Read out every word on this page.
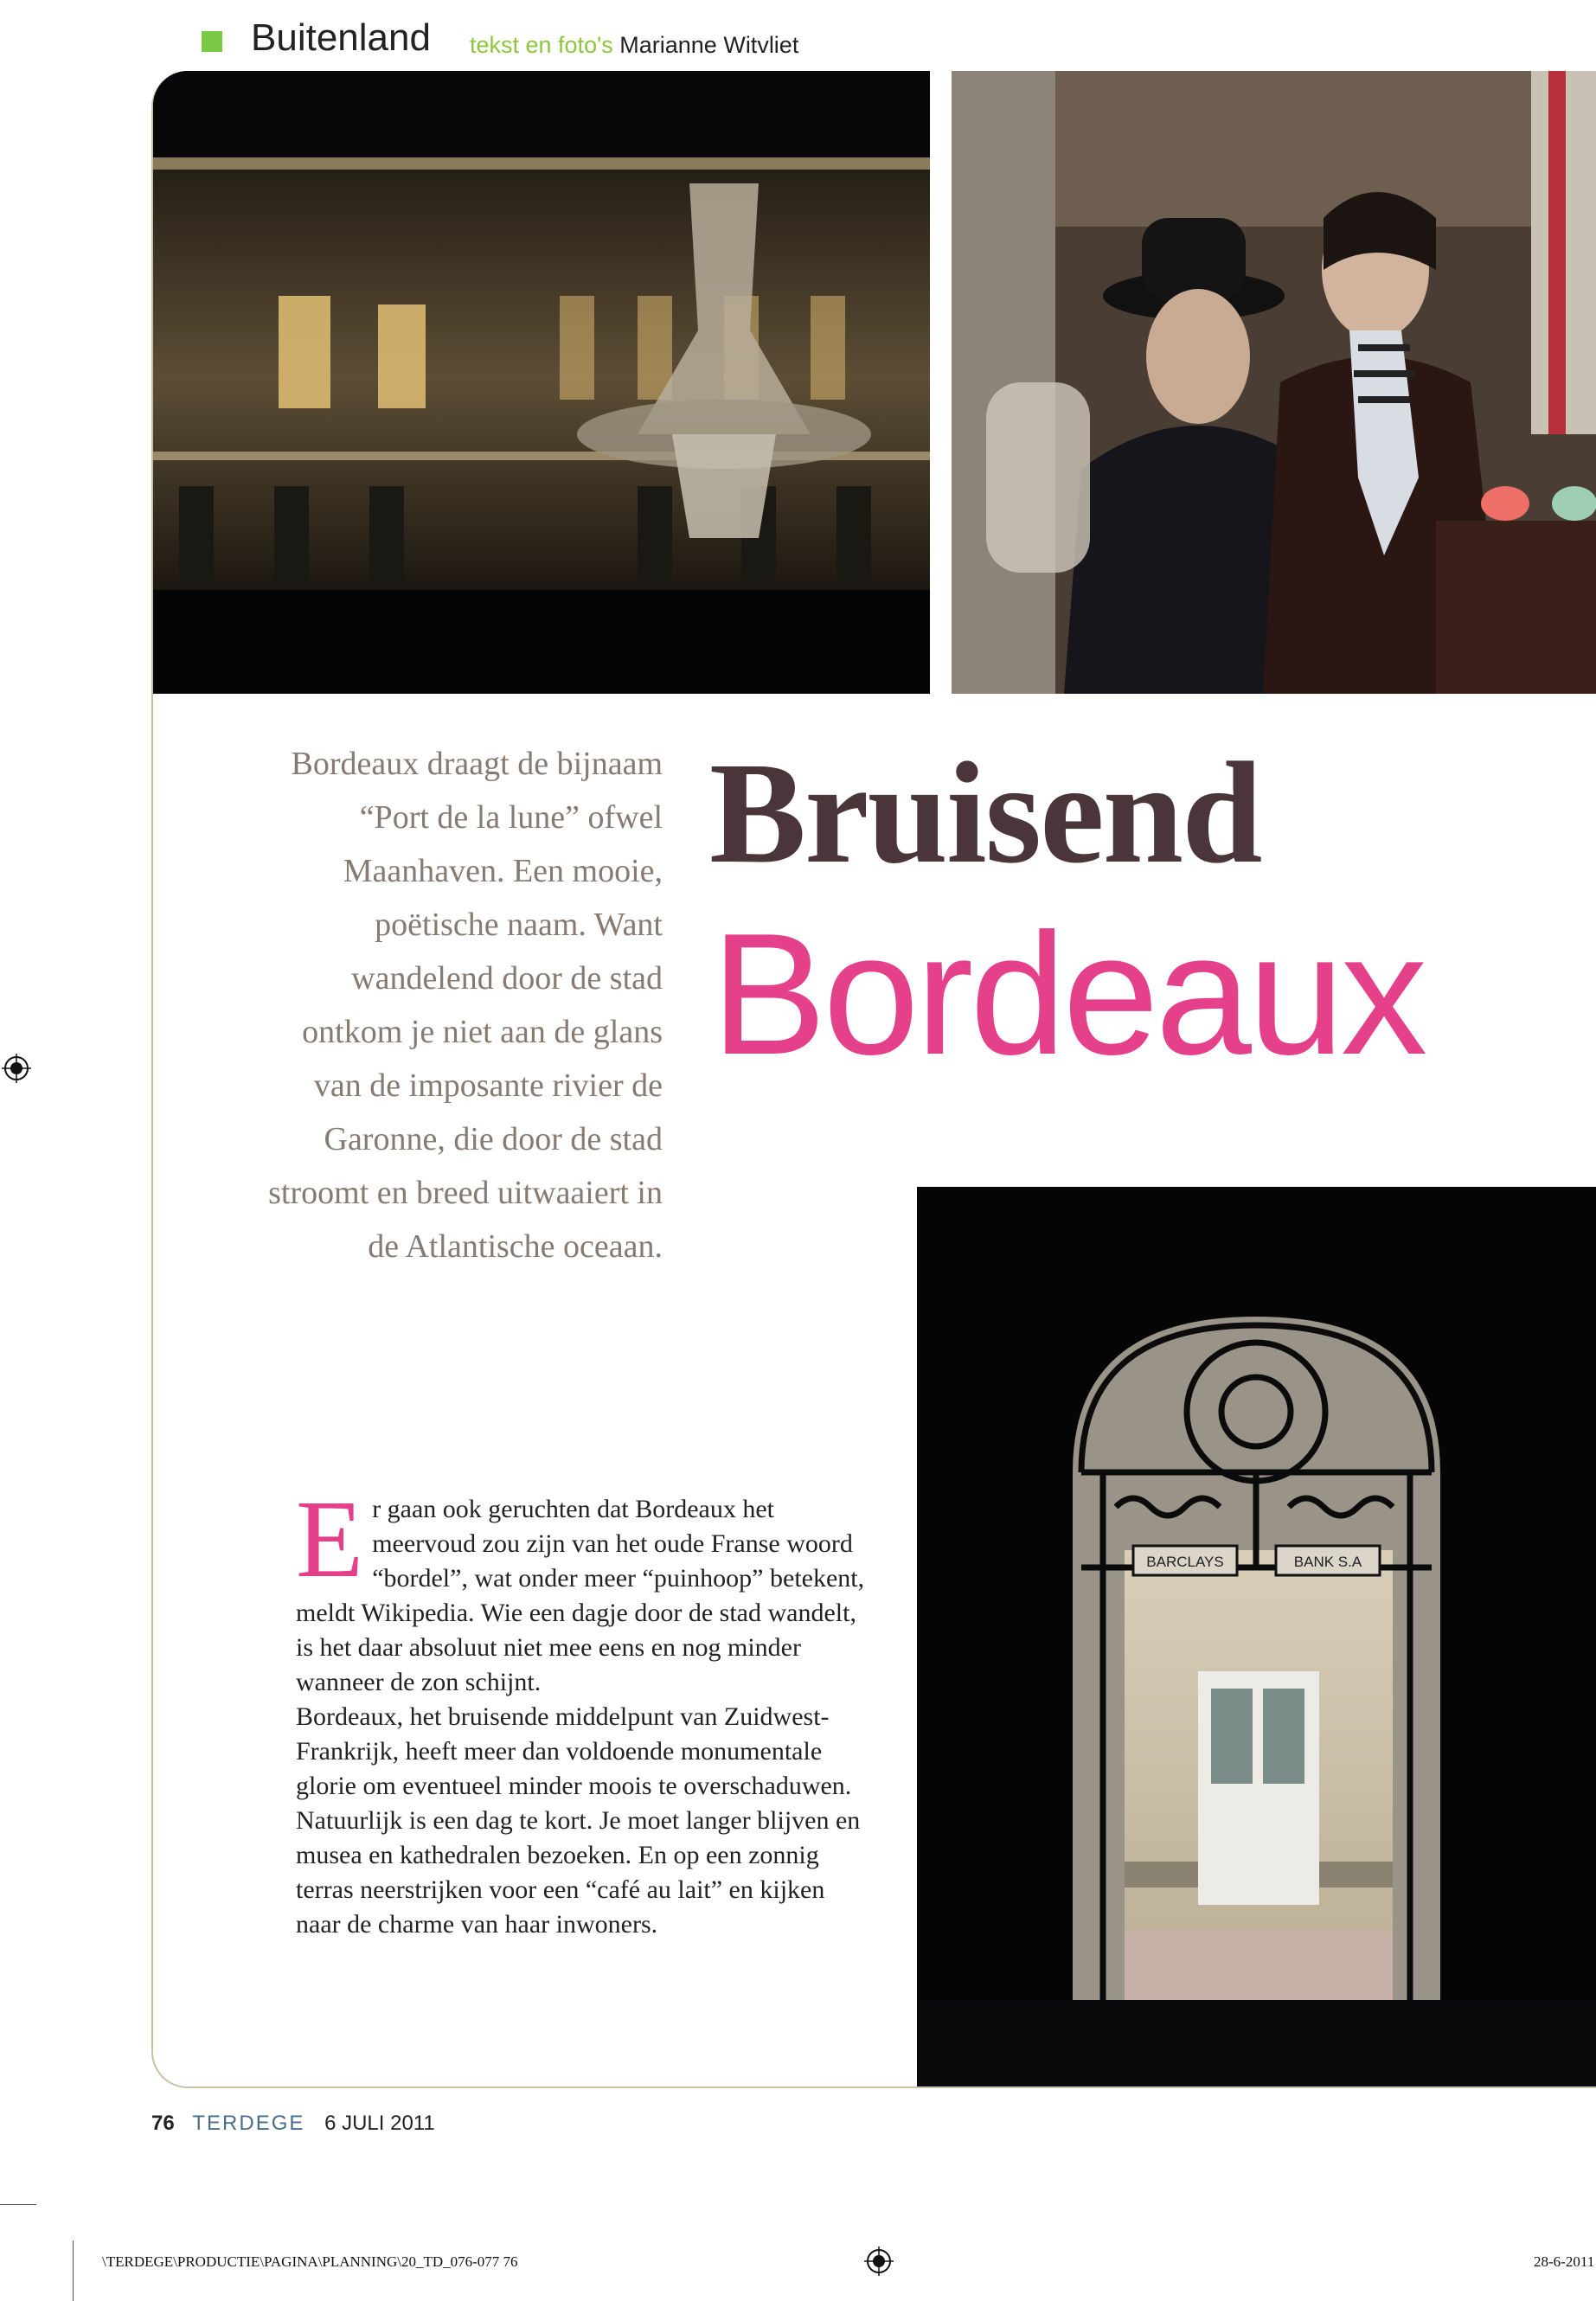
Buitenland tekst en foto's Marianne Witvliet
Bordeaux draagt de bijnaam “Port de la lune” ofwel Maanhaven. Een mooie, poëtische naam. Want wandelend door de stad ontkom je niet aan de glans van de imposante rivier de Garonne, die door de stad stroomt en breed uitwaaiert in de Atlantische oceaan.
Bruisend
Bordeaux
BARCLAYS	BANK S.A
E r gaan ook geruchten dat Bordeaux het meervoud zou zijn van het oude Franse woord “bordel”, wat onder meer “puinhoop” betekent, meldt Wikipedia. Wie een dagje door de stad wandelt, is het daar absoluut niet mee eens en nog minder wanneer de zon schijnt.

Bordeaux, het bruisende middelpunt van Zuidwest-Frankrijk, heeft meer dan voldoende monumentale glorie om eventueel minder moois te overschaduwen. Natuurlijk is een dag te kort. Je moet langer blijven en musea en kathedralen bezoeken. En op een zonnig terras neerstrijken voor een “café au lait” en kijken naar de charme van haar inwoners.

76 TERDEGE 6 JULI 2011
\TERDEGE\PRODUCTIE\PAGINA\PLANNING\20_TD_076-077 76	28-6-2011
